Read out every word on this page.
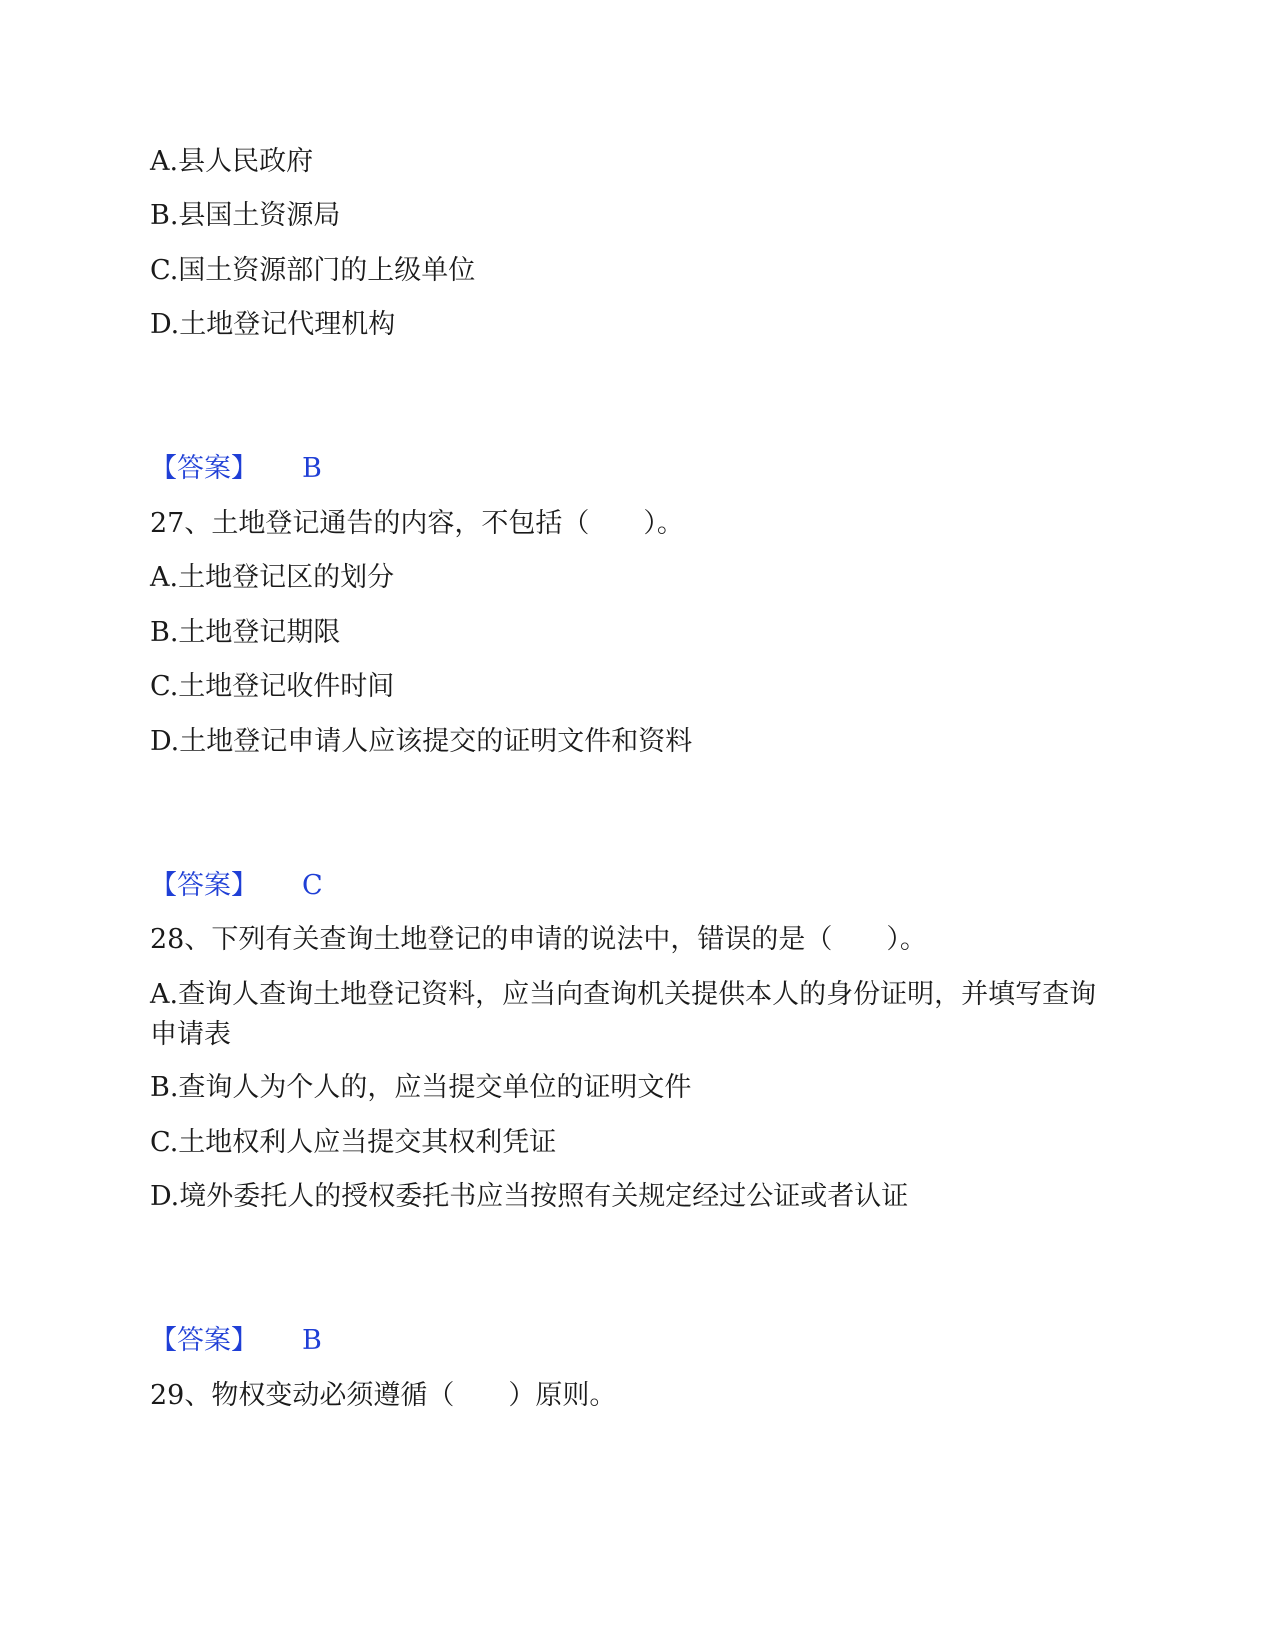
A.县人民政府
B.县国土资源局
C.国土资源部门的上级单位
D.土地登记代理机构
【答案】 B
27、土地登记通告的内容，不包括（　　）。
A.土地登记区的划分
B.土地登记期限
C.土地登记收件时间
D.土地登记申请人应该提交的证明文件和资料
【答案】 C
28、下列有关查询土地登记的申请的说法中，错误的是（　　）。
A.查询人查询土地登记资料，应当向查询机关提供本人的身份证明，并填写查询申请表
B.查询人为个人的，应当提交单位的证明文件
C.土地权利人应当提交其权利凭证
D.境外委托人的授权委托书应当按照有关规定经过公证或者认证
【答案】 B
29、物权变动必须遵循（　　）原则。
